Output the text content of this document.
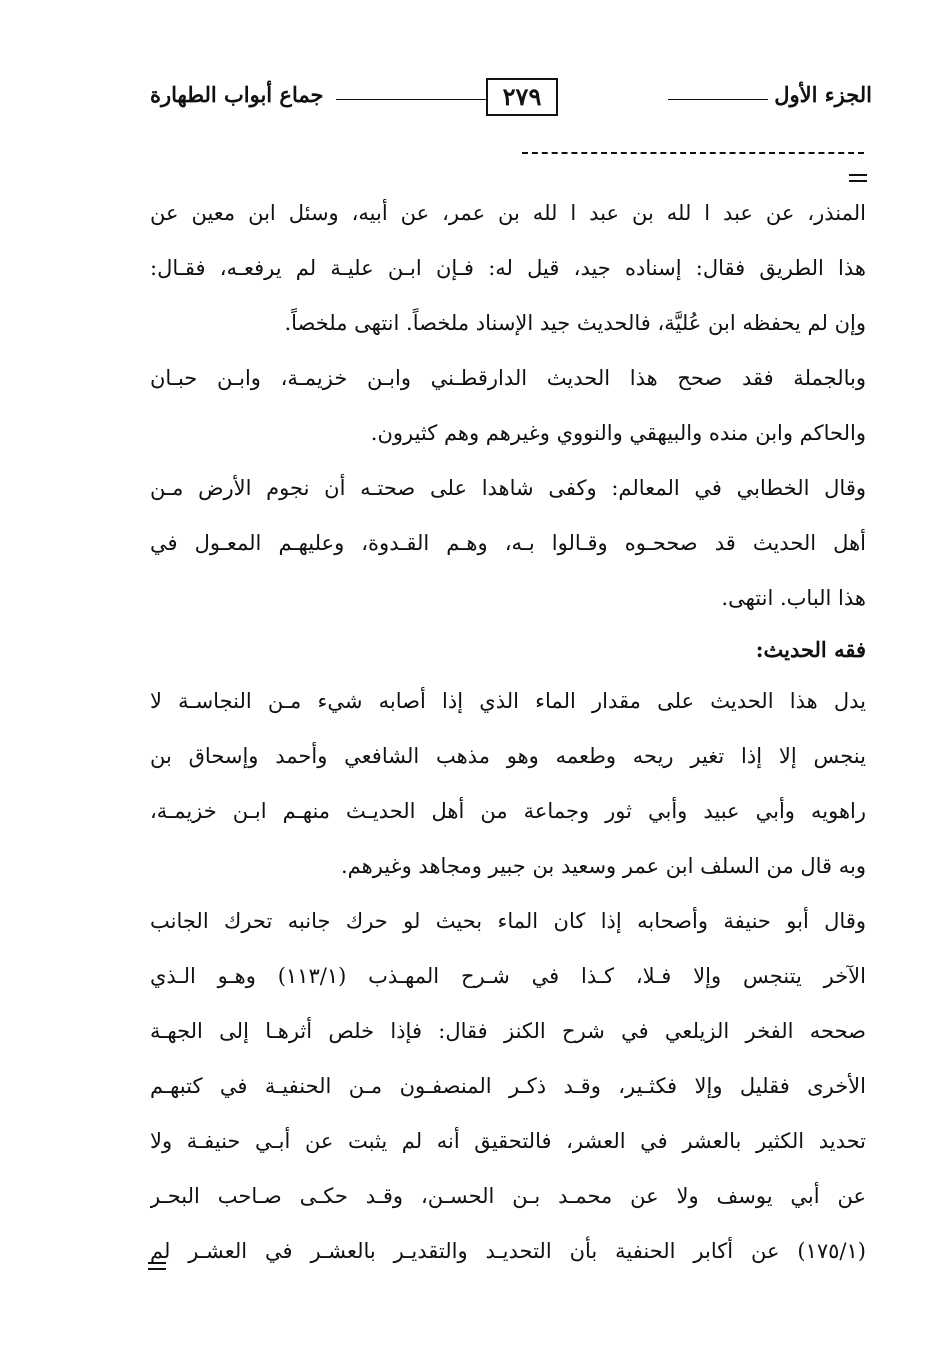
الجزء الأول
٢٧٩
جماع أبواب الطهارة
المنذر، عن عبد ا لله بن عبد ا لله بن عمر، عن أبيه، وسئل ابن معين عن
هذا الطريق فقال: إسناده جيد، قيل له: فـإن ابـن عليـة لم يرفعـه، فقـال:
وإن لم يحفظه ابن عُليَّة، فالحديث جيد الإسناد ملخصاً. انتهى ملخصاً.
وبالجملة فقد صحح هذا الحديث الدارقطـني وابـن خزيمـة، وابـن حبـان
والحاكم وابن منده والبيهقي والنووي وغيرهم وهم كثيرون.
وقال الخطابي في المعالم: وكفى شاهدا على صحتـه أن نجوم الأرض مـن
أهل الحديث قد صححـوه وقـالوا بـه، وهـم القـدوة، وعليهـم المعـول في
هذا الباب. انتهى.
فقه الحديث:
يدل هذا الحديث على مقدار الماء الذي إذا أصابه شيء مـن النجاسـة لا
ينجس إلا إذا تغير ريحه وطعمه وهو مذهب الشافعي وأحمد وإسحاق بن
راهويه وأبي عبيد وأبي ثور وجماعة من أهل الحديـث منهـم ابـن خزيمـة،
وبه قال من السلف ابن عمر وسعيد بن جبير ومجاهد وغيرهم.
وقال أبو حنيفة وأصحابه إذا كان الماء بحيث لو حرك جانبه تحرك الجانب
الآخر يتنجس وإلا فـلا، كـذا في شـرح المهـذب (١١٣/١) وهـو الـذي
صححه الفخر الزيلعي في شرح الكنز فقال: فإذا خلص أثرهـا إلى الجهـة
الأخرى فقليل وإلا فكثـير، وقـد ذكـر المنصفـون مـن الحنفيـة في كتبهـم
تحديد الكثير بالعشر في العشر، فالتحقيق أنه لم يثبت عن أبـي حنيفـة ولا
عن أبي يوسف ولا عن محمـد بـن الحسـن، وقـد حكـى صـاحب البحـر
(١٧٥/١) عن أكابر الحنفية بأن التحديـد والتقديـر بالعشـر في العشـر لم
